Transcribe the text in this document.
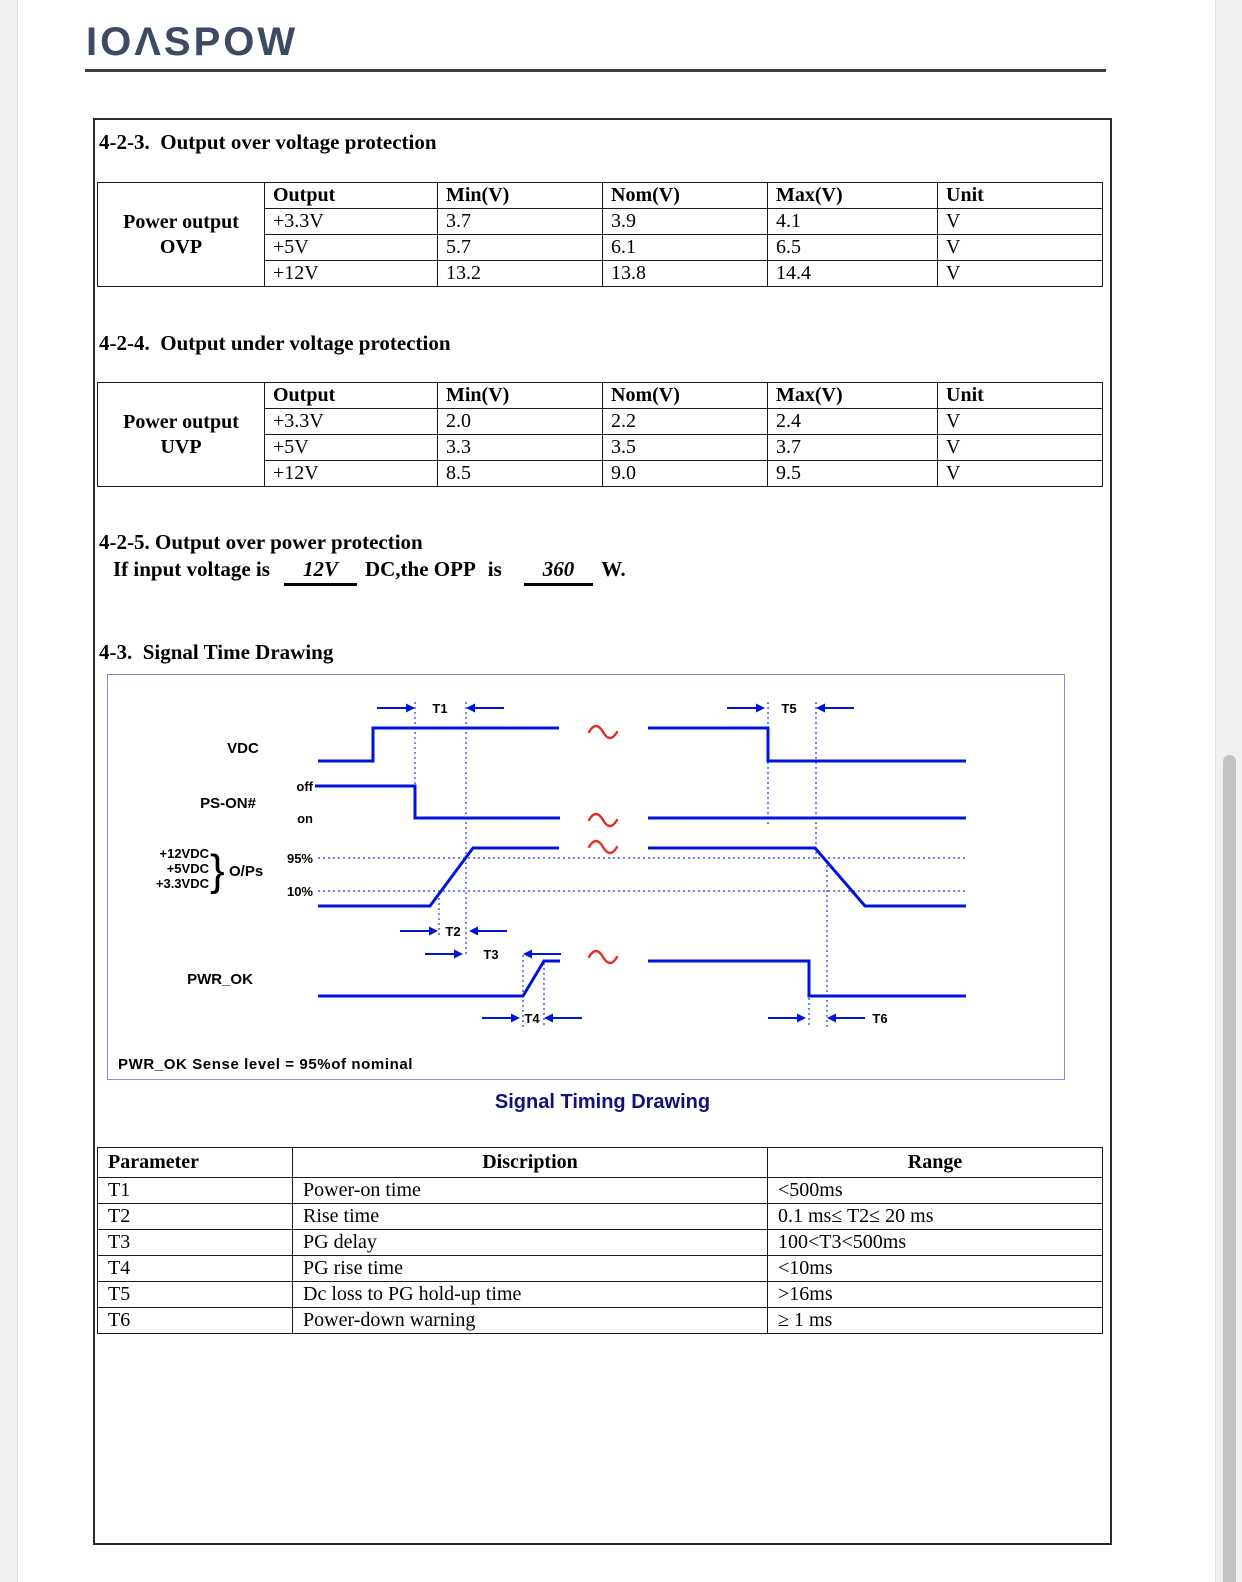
IOΛSPOW
4-2-3.  Output over voltage protection
Power output
OVP	Output	Min(V)	Nom(V)	Max(V)	Unit
	+3.3V	3.7	3.9	4.1	V
	+5V	5.7	6.1	6.5	V
	+12V	13.2	13.8	14.4	V
4-2-4.  Output under voltage protection
Power output
UVP	Output	Min(V)	Nom(V)	Max(V)	Unit
	+3.3V	2.0	2.2	2.4	V
	+5V	3.3	3.5	3.7	V
	+12V	8.5	9.0	9.5	V
4-2-5. Output over power protection
If input voltage is 12V DC,the OPP is 360 W.
4-3.  Signal Time Drawing
T1	T5
T2
T3
T4	T6
VDC
PS-ON#
off
on
+12VDC
+5VDC
+3.3VDC } O/Ps
95%
10%
PWR_OK
PWR_OK Sense level = 95%of nominal
Signal Timing Drawing
Parameter	Discription	Range
T1	Power-on time	<500ms
T2	Rise time	0.1 ms≤ T2≤ 20 ms
T3	PG delay	100<T3<500ms
T4	PG rise time	<10ms
T5	Dc loss to PG hold-up time	>16ms
T6	Power-down warning	≥ 1 ms
